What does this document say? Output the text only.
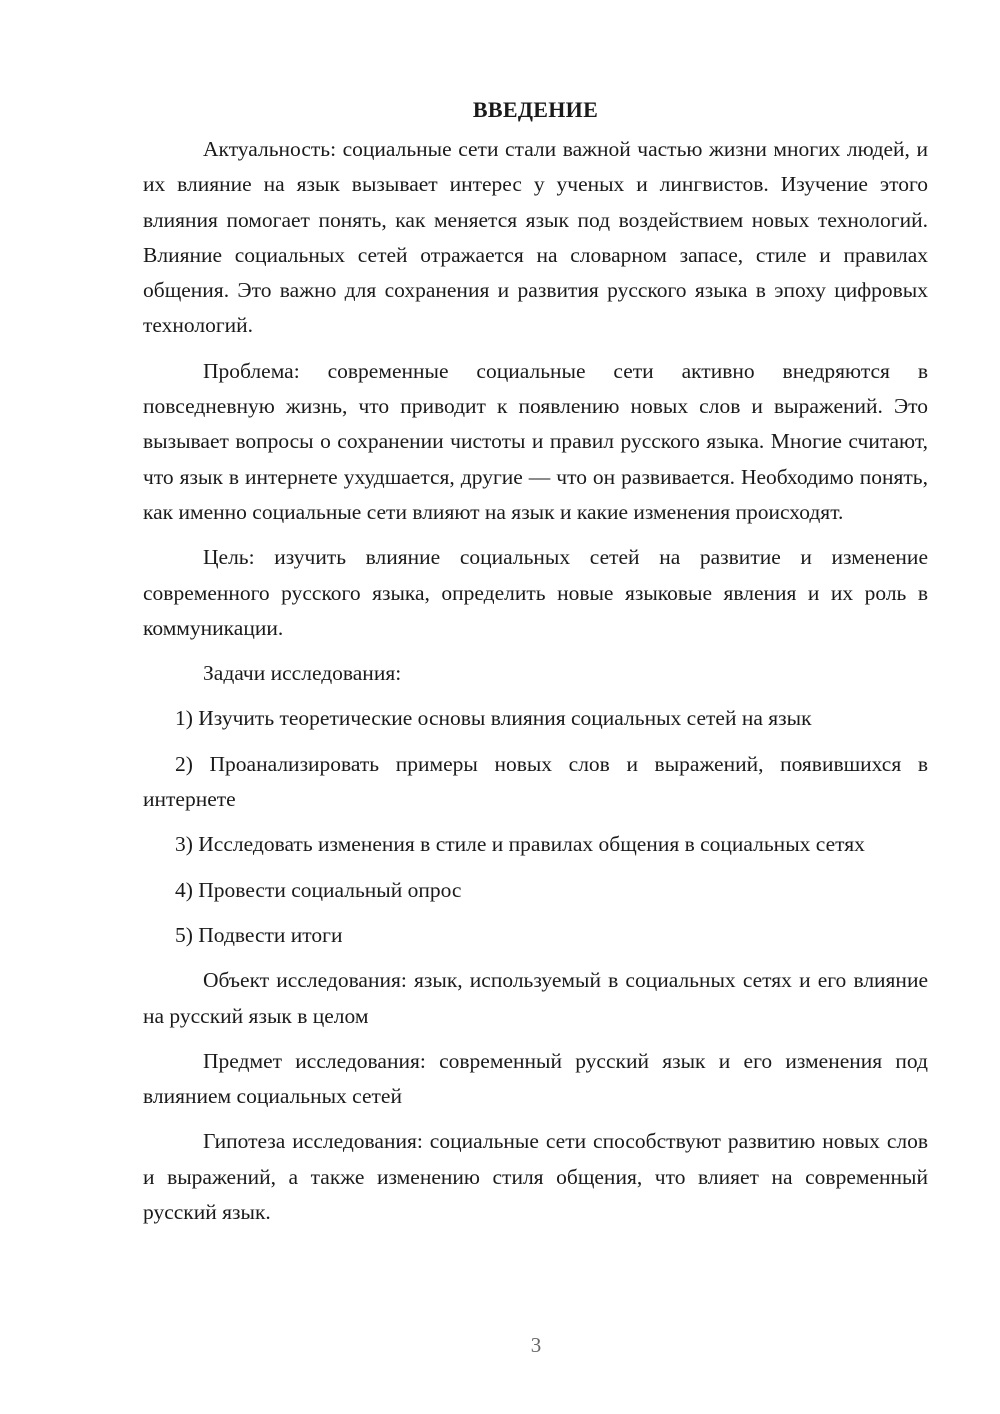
ВВЕДЕНИЕ

Актуальность: социальные сети стали важной частью жизни многих людей, и их влияние на язык вызывает интерес у ученых и лингвистов. Изучение этого влияния помогает понять, как меняется язык под воздействием новых технологий. Влияние социальных сетей отражается на словарном запасе, стиле и правилах общения. Это важно для сохранения и развития русского языка в эпоху цифровых технологий.

Проблема: современные социальные сети активно внедряются в повседневную жизнь, что приводит к появлению новых слов и выражений. Это вызывает вопросы о сохранении чистоты и правил русского языка. Многие считают, что язык в интернете ухудшается, другие — что он развивается. Необходимо понять, как именно социальные сети влияют на язык и какие изменения происходят.

Цель: изучить влияние социальных сетей на развитие и изменение современного русского языка, определить новые языковые явления и их роль в коммуникации.

Задачи исследования:

1) Изучить теоретические основы влияния социальных сетей на язык

2) Проанализировать примеры новых слов и выражений, появившихся в интернете

3) Исследовать изменения в стиле и правилах общения в социальных сетях

4) Провести социальный опрос

5) Подвести итоги

Объект исследования: язык, используемый в социальных сетях и его влияние на русский язык в целом

Предмет исследования: современный русский язык и его изменения под влиянием социальных сетей

Гипотеза исследования: социальные сети способствуют развитию новых слов и выражений, а также изменению стиля общения, что влияет на современный русский язык.

3
